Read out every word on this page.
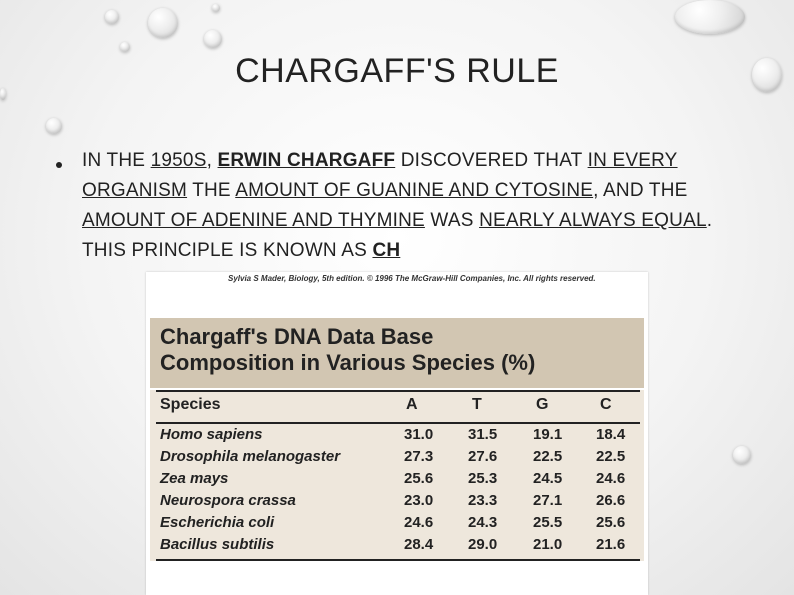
CHARGAFF'S RULE
IN THE 1950S, ERWIN CHARGAFF DISCOVERED THAT IN EVERY ORGANISM THE AMOUNT OF GUANINE AND CYTOSINE, AND THE AMOUNT OF ADENINE AND THYMINE WAS NEARLY ALWAYS EQUAL. THIS PRINCIPLE IS KNOWN AS CH
Sylvia S Mader, Biology, 5th edition. © 1996 The McGraw-Hill Companies, Inc. All rights reserved.
Chargaff's DNA Data Base
Composition in Various Species (%)
Species	A	T	G	C
Homo sapiens	31.0 31.5 19.1 18.4
Drosophila melanogaster	27.3 27.6 22.5 22.5
Zea mays	25.6 25.3 24.5 24.6
Neurospora crassa	23.0 23.3 27.1 26.6
Escherichia coli	24.6 24.3 25.5 25.6
Bacillus subtilis	28.4 29.0 21.0 21.6
